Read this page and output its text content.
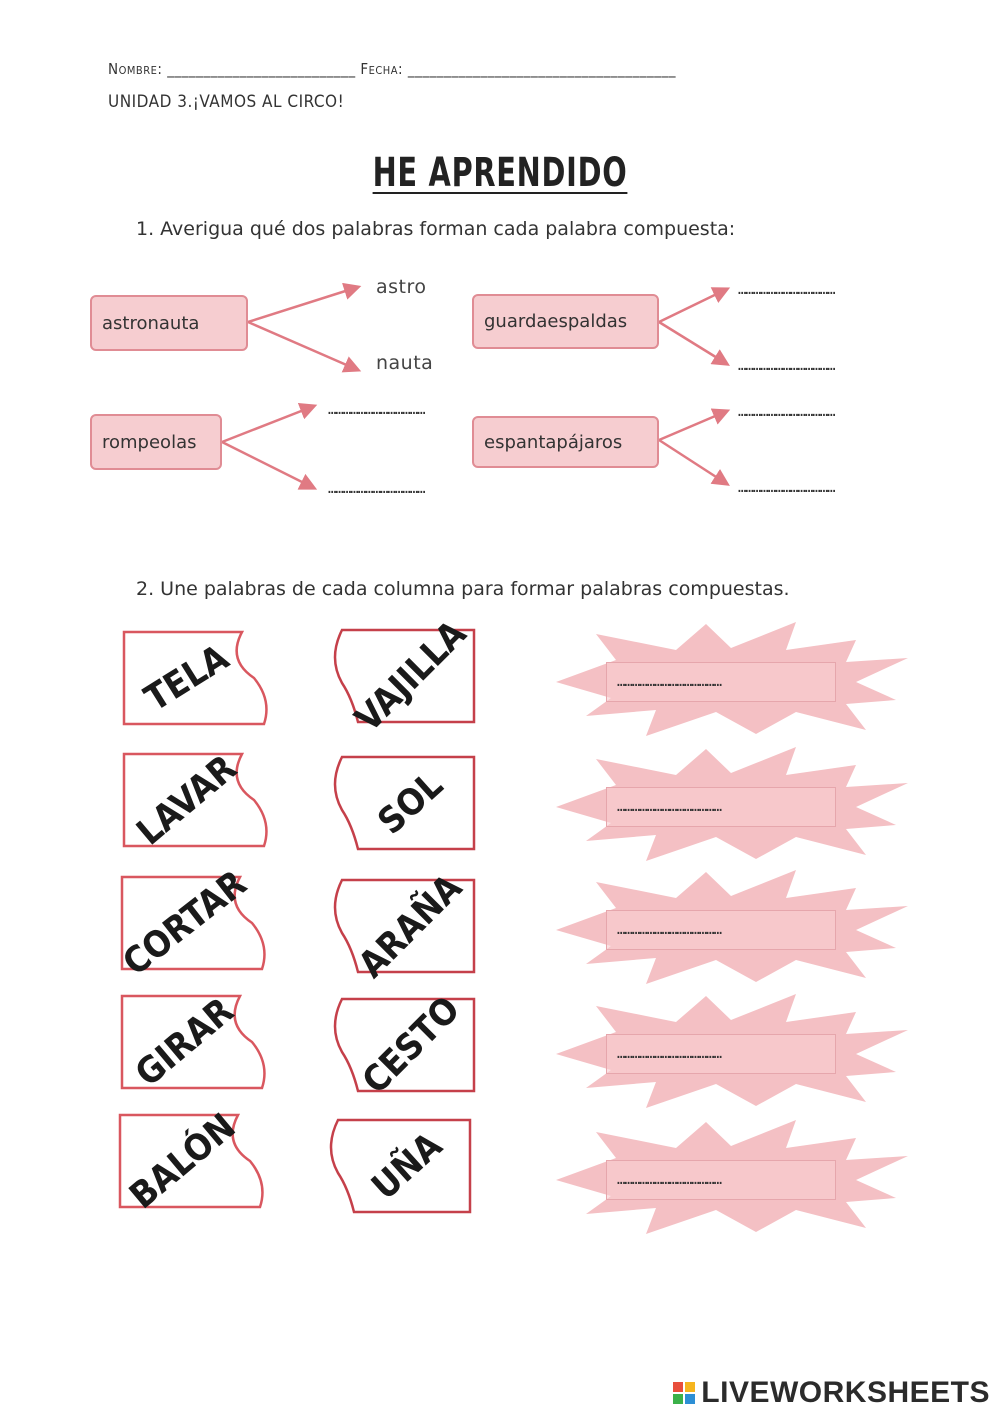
Nombre: __________________________ Fecha: _____________________________________
UNIDAD 3.¡VAMOS AL CIRCO!
HE APRENDIDO
1. Averigua qué dos palabras forman cada palabra compuesta:
astronauta
astro
nauta
guardaespaldas
…………………………………
…………………………………
rompeolas
…………………………………
…………………………………
espantapájaros
…………………………………
…………………………………
2. Une palabras de cada columna para formar palabras compuestas.
TELA
LAVAR
CORTAR
GIRAR
BALÓN
VAJILLA
SOL
ARAÑA
CESTO
UÑA
……………………………………
……………………………………
……………………………………
……………………………………
……………………………………
LIVEWORKSHEETS
